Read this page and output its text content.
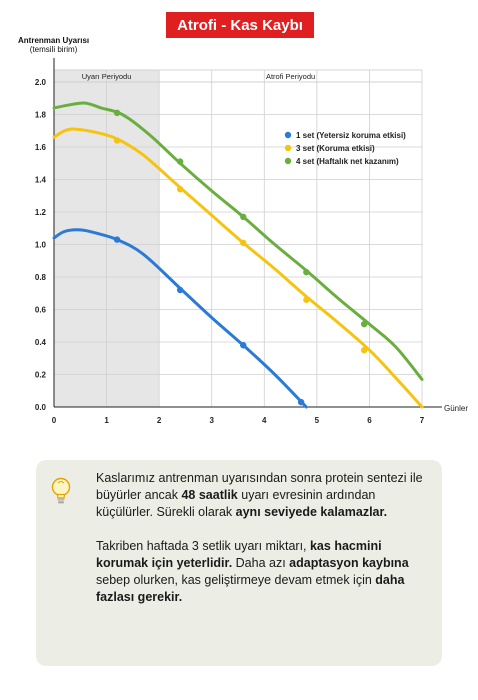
Atrofi - Kas Kaybı
Antrenman Uyarısı
(temsili birim)
Uyarı Periyodu	Atrofi Periyodu
0	1	2	3	4	5	6	7
0.0
0.2
0.4
0.6
0.8
1.0
1.2
1.4
1.6
1.8
2.0
Günler
1 set (Yetersiz koruma etkisi)
3 set (Koruma etkisi)
4 set (Haftalık net kazanım)

Kaslarımız antrenman uyarısından sonra protein sentezi ile büyürler ancak 48 saatlik uyarı evresinin ardından küçülürler. Sürekli olarak aynı seviyede kalamazlar.

Takriben haftada 3 setlik uyarı miktarı, kas hacmini korumak için yeterlidir. Daha azı adaptasyon kaybına sebep olurken, kas geliştirmeye devam etmek için daha fazlası gerekir.
